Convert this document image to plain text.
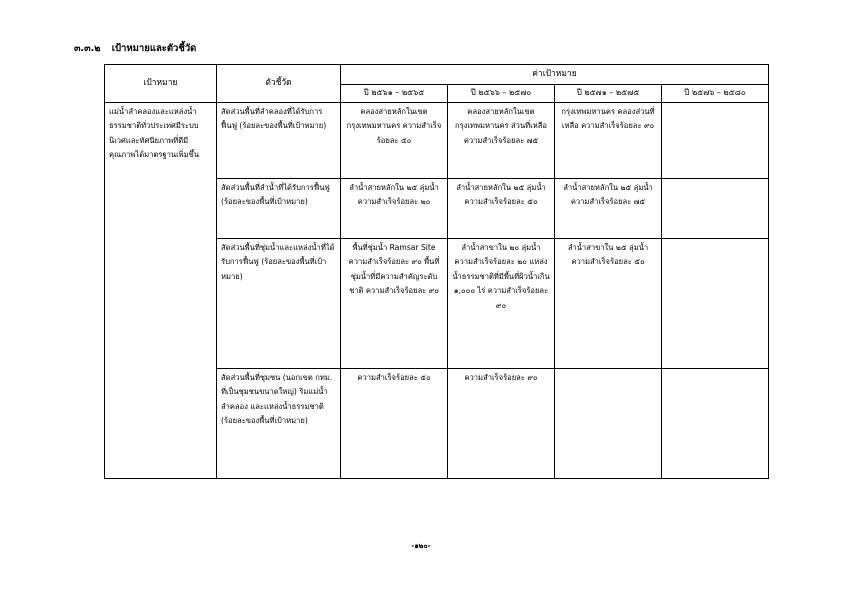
๓.๓.๒ เป้าหมายและตัวชี้วัด
เป้าหมาย	ตัวชี้วัด	ค่าเป้าหมาย			
		ปี ๒๕๖๑ – ๒๕๖๕	ปี ๒๕๖๖ – ๒๕๗๐	ปี ๒๕๗๑ – ๒๕๗๕	ปี ๒๕๗๖ – ๒๕๘๐
แม่น้ำลำคลองและแหล่งน้ำธรรมชาติทั่วประเทศมีระบบนิเวศและทัศนียภาพที่ดีมีคุณภาพได้มาตรฐานเพิ่มขึ้น	สัดส่วนพื้นที่ลำคลองที่ได้รับการฟื้นฟู (ร้อยละของพื้นที่เป้าหมาย)	คลองสายหลักในเขตกรุงเทพมหานคร ความสำเร็จร้อยละ ๕๐	คลองสายหลักในเขตกรุงเทพมหานคร ส่วนที่เหลือ ความสำเร็จร้อยละ ๗๕	กรุงเทพมหานคร คลองส่วนที่เหลือ ความสำเร็จร้อยละ ๙๐	
	สัดส่วนพื้นที่ลำน้ำที่ได้รับการฟื้นฟู (ร้อยละของพื้นที่เป้าหมาย)	ลำน้ำสายหลักใน ๒๕ ลุ่มน้ำ ความสำเร็จร้อยละ ๒๐	ลำน้ำสายหลักใน ๒๕ ลุ่มน้ำ ความสำเร็จร้อยละ ๕๐	ลำน้ำสายหลักใน ๒๕ ลุ่มน้ำ ความสำเร็จร้อยละ ๗๕	
	สัดส่วนพื้นที่ชุ่มน้ำและแหล่งน้ำที่ได้รับการฟื้นฟู (ร้อยละของพื้นที่เป้าหมาย)	พื้นที่ชุ่มน้ำ Ramsar Site ความสำเร็จร้อยละ ๙๐ พื้นที่ชุ่มน้ำที่มีความสำคัญระดับชาติ ความสำเร็จร้อยละ ๙๐	ลำน้ำสาขาใน ๒๐ ลุ่มน้ำ ความสำเร็จร้อยละ ๒๐ แหล่งน้ำธรรมชาติที่มีพื้นที่ผิวน้ำเกิน ๑,๐๐๐ ไร่ ความสำเร็จร้อยละ ๙๐	ลำน้ำสาขาใน ๒๕ ลุ่มน้ำ ความสำเร็จร้อยละ ๕๐	
	สัดส่วนพื้นที่ชุมชน (นอกเขต กทม. ที่เป็นชุมชนขนาดใหญ่) ริมแม่น้ำลำคลอง และแหล่งน้ำธรรมชาติ (ร้อยละของพื้นที่เป้าหมาย)	ความสำเร็จร้อยละ ๕๐	ความสำเร็จร้อยละ ๙๐		
-๑๒๐-
